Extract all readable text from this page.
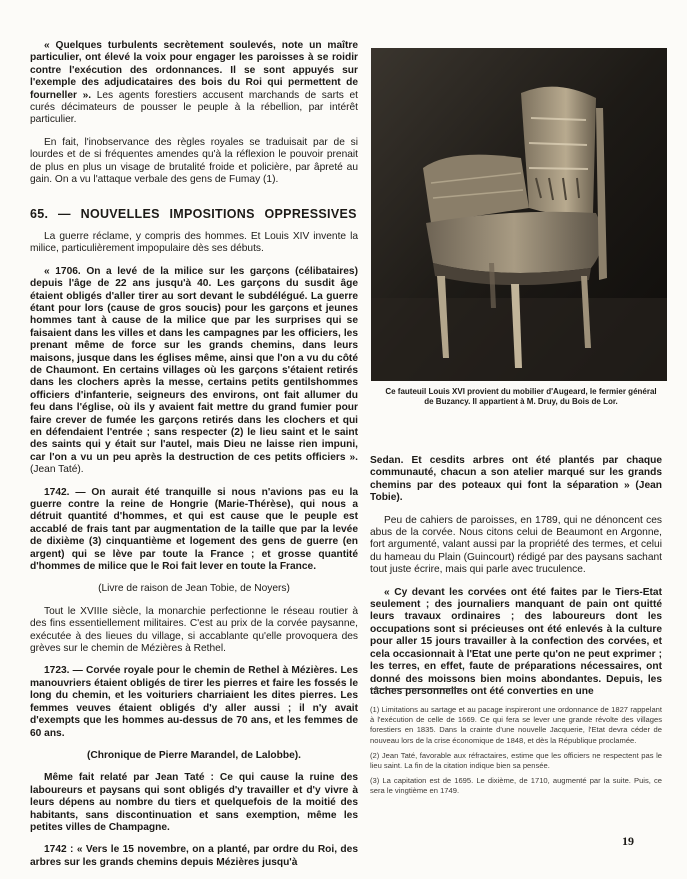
« Quelques turbulents secrètement soulevés, note un maître particulier, ont élevé la voix pour engager les paroisses à se roidir contre l'exécution des ordonnances. Il se sont appuyés sur l'exemple des adjudicataires des bois du Roi qui permettent de fourneller ». Les agents forestiers accusent marchands de sarts et curés décimateurs de pousser le peuple à la rébellion, par intérêt particulier.

En fait, l'inobservance des règles royales se traduisait par de si lourdes et de si fréquentes amendes qu'à la réflexion le pouvoir prenait de plus en plus un visage de brutalité froide et policière, par âpreté au gain. On a vu l'attaque verbale des gens de Fumay (1).

65. — NOUVELLES IMPOSITIONS OPPRESSIVES

La guerre réclame, y compris des hommes. Et Louis XIV invente la milice, particulièrement impopulaire dès ses débuts.

« 1706. On a levé de la milice sur les garçons (célibataires) depuis l'âge de 22 ans jusqu'à 40. Les garçons du susdit âge étaient obligés d'aller tirer au sort devant le subdélégué. La guerre étant pour lors (cause de gros soucis) pour les garçons et jeunes hommes tant à cause de la milice que par les surprises qui se faisaient dans les villes et dans les campagnes par les officiers, les prenant même de force sur les grands chemins, dans leurs maisons, jusque dans les églises même, ainsi que l'on a vu du côté de Chaumont. En certains villages où les garçons s'étaient retirés dans les clochers après la messe, certains petits gentilshommes officiers d'infanterie, seigneurs des environs, ont fait allumer du feu dans l'église, où ils y avaient fait mettre du grand fumier pour faire crever de fumée les garçons retirés dans les clochers et qui en défendaient l'entrée ; sans respecter (2) le lieu saint et le saint des saints qui y était sur l'autel, mais Dieu ne laisse rien impuni, car l'on a vu un peu après la destruction de ces petits officiers ». (Jean Taté).

1742. — On aurait été tranquille si nous n'avions pas eu la guerre contre la reine de Hongrie (Marie-Thérèse), qui nous a détruit quantité d'hommes, et qui est cause que le peuple est accablé de frais tant par augmentation de la taille que par la levée de dixième (3) cinquantième et logement des gens de guerre (en argent) qui se lève par toute la France ; et grosse quantité d'hommes de milice que le Roi fait lever en toute la France.

(Livre de raison de Jean Tobie, de Noyers)

Tout le XVIIIe siècle, la monarchie perfectionne le réseau routier à des fins essentiellement militaires. C'est au prix de la corvée paysanne, exécutée à des lieues du village, si accablante qu'elle provoquera des grèves sur le chemin de Mézières à Rethel.

1723. — Corvée royale pour le chemin de Rethel à Mézières. Les manouvriers étaient obligés de tirer les pierres et faire les fossés le long du chemin, et les voituriers charriaient les dites pierres. Les femmes veuves étaient obligés d'y aller aussi ; il n'y avait d'exempts que les hommes au-dessus de 70 ans, et les femmes de 60 ans.

(Chronique de Pierre Marandel, de Lalobbe).

Même fait relaté par Jean Taté : Ce qui cause la ruine des laboureurs et paysans qui sont obligés d'y travailler et d'y vivre à leurs dépens au nombre du tiers et quelquefois de la moitié des habitants, sans discontinuation et sans exemption, même les petites villes de Champagne.

1742 : « Vers le 15 novembre, on a planté, par ordre du Roi, des arbres sur les grands chemins depuis Mézières jusqu'à

Ce fauteuil Louis XVI provient du mobilier d'Augeard, le fermier général de Buzancy. Il appartient à M. Druy, du Bois de Lor.

Sedan. Et cesdits arbres ont été plantés par chaque communauté, chacun a son atelier marqué sur les grands chemins par des poteaux qui font la séparation » (Jean Tobie).

Peu de cahiers de paroisses, en 1789, qui ne dénoncent ces abus de la corvée. Nous citons celui de Beaumont en Argonne, fort argumenté, valant aussi par la propriété des termes, et celui du hameau du Plain (Guincourt) rédigé par des paysans sachant tout juste écrire, mais qui parle avec truculence.

« Cy devant les corvées ont été faites par le Tiers-Etat seulement ; des journaliers manquant de pain ont quitté leurs travaux ordinaires ; des laboureurs dont les occupations sont si précieuses ont été enlevés à la culture pour aller 15 jours travailler à la confection des corvées, et cela occasionnait à l'Etat une perte qu'on ne peut exprimer ; les terres, en effet, faute de préparations nécessaires, ont donné des moissons bien moins abondantes. Depuis, les tâches personnelles ont été converties en une

(1) Limitations au sartage et au pacage inspireront une ordonnance de 1827 rappelant à l'exécution de celle de 1669. Ce qui fera se lever une grande révolte des villages forestiers en 1835. Dans la crainte d'une nouvelle Jacquerie, l'Etat devra céder de nouveau lors de la crise économique de 1848, et dès la République proclamée.

(2) Jean Taté, favorable aux réfractaires, estime que les officiers ne respectent pas le lieu saint. La fin de la citation indique bien sa pensée.

(3) La capitation est de 1695. Le dixième, de 1710, augmenté par la suite. Puis, ce sera le vingtième en 1749.

19
